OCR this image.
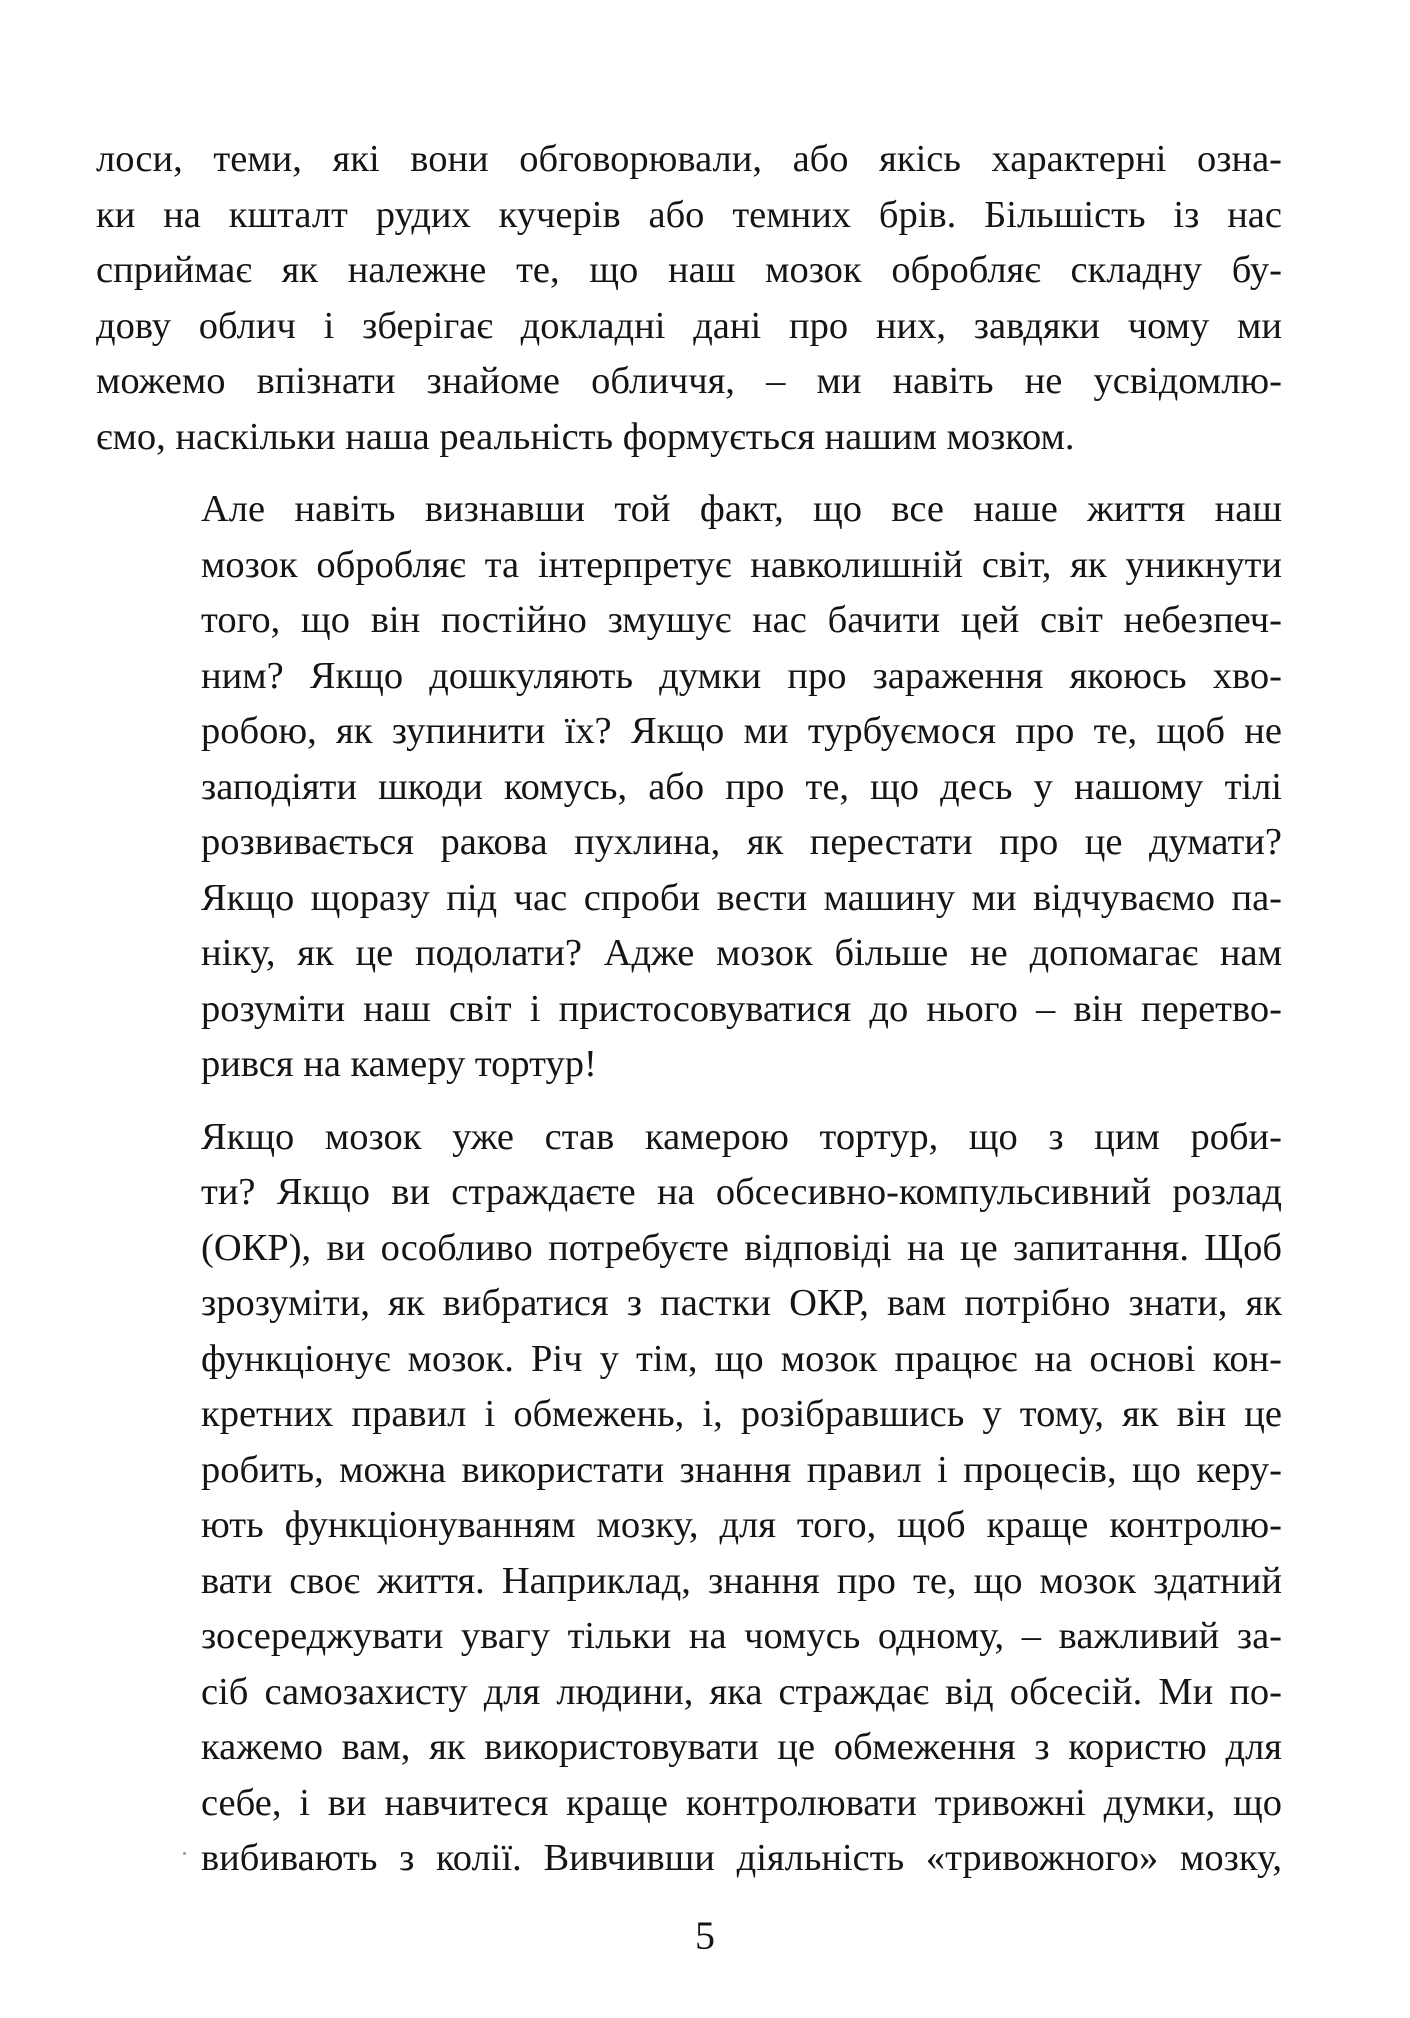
лоси, теми, які вони обговорювали, або якісь характерні озна-
ки на кшталт рудих кучерів або темних брів. Більшість із нас
сприймає як належне те, що наш мозок обробляє складну бу-
дову облич і зберігає докладні дані про них, завдяки чому ми
можемо впізнати знайоме обличчя, – ми навіть не усвідомлю-
ємо, наскільки наша реальність формується нашим мозком.

Але навіть визнавши той факт, що все наше життя наш
мозок обробляє та інтерпретує навколишній світ, як уникнути
того, що він постійно змушує нас бачити цей світ небезпеч-
ним? Якщо дошкуляють думки про зараження якоюсь хво-
робою, як зупинити їх? Якщо ми турбуємося про те, щоб не
заподіяти шкоди комусь, або про те, що десь у нашому тілі
розвивається ракова пухлина, як перестати про це думати?
Якщо щоразу під час спроби вести машину ми відчуваємо па-
ніку, як це подолати? Адже мозок більше не допомагає нам
розуміти наш світ і пристосовуватися до нього – він перетво-
рився на камеру тортур!

Якщо мозок уже став камерою тортур, що з цим роби-
ти? Якщо ви страждаєте на обсесивно-компульсивний розлад
(ОКР), ви особливо потребуєте відповіді на це запитання. Щоб
зрозуміти, як вибратися з пастки ОКР, вам потрібно знати, як
функціонує мозок. Річ у тім, що мозок працює на основі кон-
кретних правил і обмежень, і, розібравшись у тому, як він це
робить, можна використати знання правил і процесів, що керу-
ють функціонуванням мозку, для того, щоб краще контролю-
вати своє життя. Наприклад, знання про те, що мозок здатний
зосереджувати увагу тільки на чомусь одному, – важливий за-
сіб самозахисту для людини, яка страждає від обсесій. Ми по-
кажемо вам, як використовувати це обмеження з користю для
себе, і ви навчитеся краще контролювати тривожні думки, що
вибивають з колії. Вивчивши діяльність «тривожного» мозку,

5
